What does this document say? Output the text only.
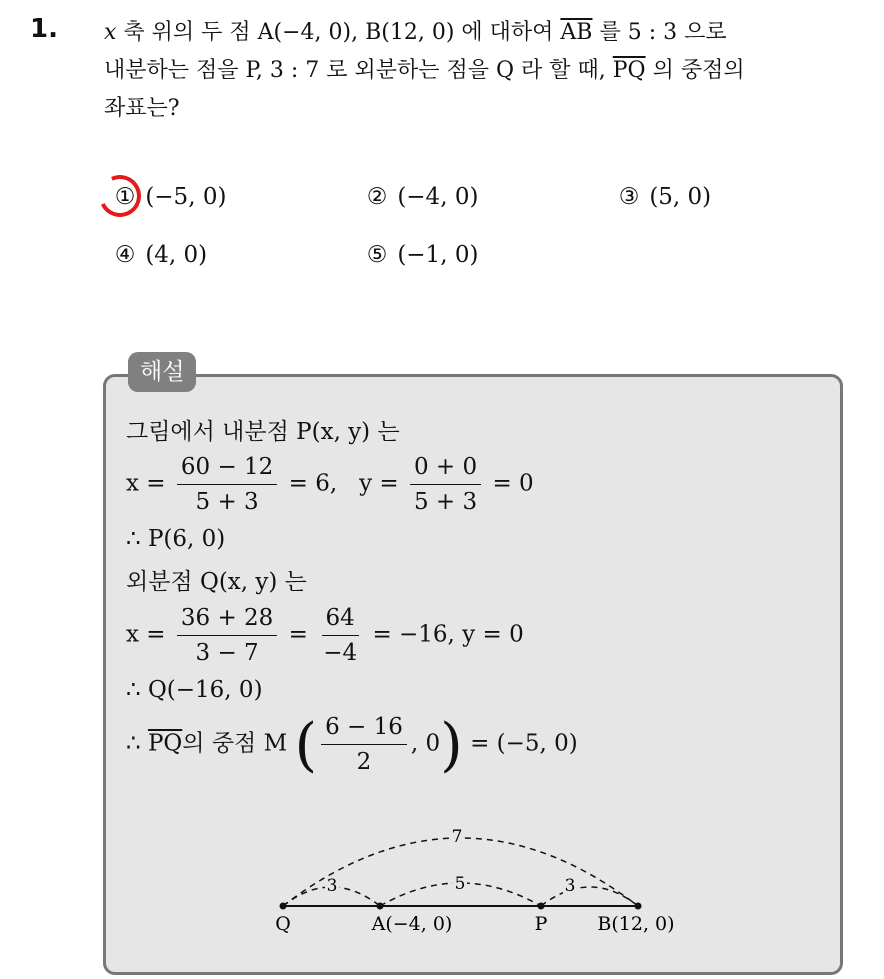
1. x 축 위의 두 점 A(−4, 0), B(12, 0) 에 대하여 $\overline{AB}$ 를 5 : 3 으로

내분하는 점을 P, 3 : 7 로 외분하는 점을 Q 라 할 때, $\overline{PQ}$ 의 중점의

좌표는?

① (−5, 0)	② (−4, 0)	③ (5, 0)
④ (4, 0)	⑤ (−1, 0)
해설
그림에서 내분점 P(x, y) 는
$x = \frac{60 - 12}{5 + 3} = 6$, $y = \frac{0 + 0}{5 + 3} = 0$
∴ P(6, 0)
외분점 Q(x, y) 는
$x = \frac{36 + 28}{3 - 7} = \frac{64}{-4} = -16$, y = 0
∴ Q(−16, 0)
∴ $\overline{PQ}$의 중점 M ( $\frac{6 - 16}{2}$ , 0) = (−5, 0)
3	5	3
7
Q	A(−4, 0)	P	B(12, 0)
